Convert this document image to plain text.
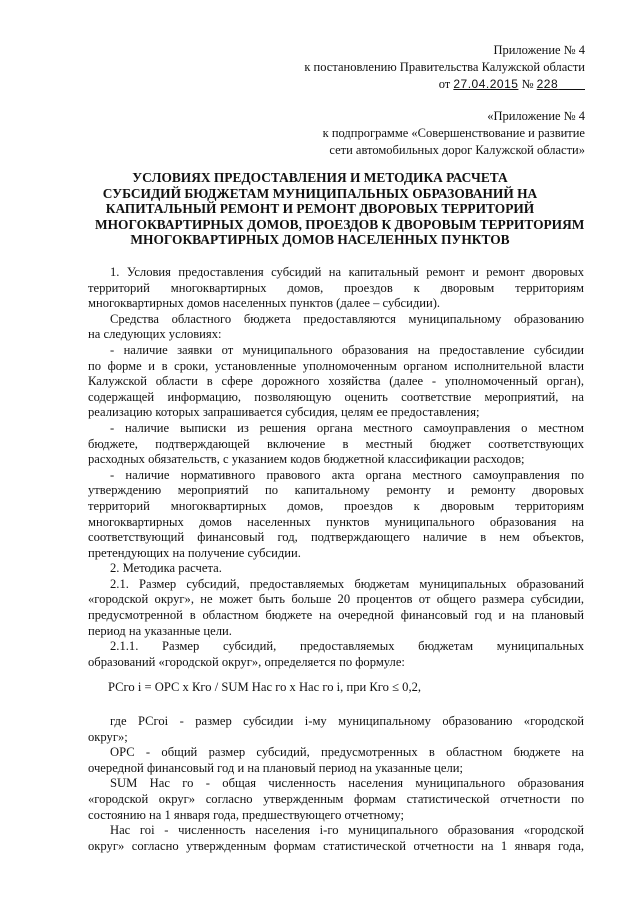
Приложение № 4
к постановлению Правительства Калужской области
от 27.04.2015 № 228
«Приложение № 4
к подпрограмме «Совершенствование и развитие
сети автомобильных дорог Калужской области»
УСЛОВИЯХ ПРЕДОСТАВЛЕНИЯ И МЕТОДИКА РАСЧЕТА
СУБСИДИЙ БЮДЖЕТАМ МУНИЦИПАЛЬНЫХ ОБРАЗОВАНИЙ НА
КАПИТАЛЬНЫЙ РЕМОНТ И РЕМОНТ ДВОРОВЫХ ТЕРРИТОРИЙ
МНОГОКВАРТИРНЫХ ДОМОВ, ПРОЕЗДОВ К ДВОРОВЫМ ТЕРРИТОРИЯМ
МНОГОКВАРТИРНЫХ ДОМОВ НАСЕЛЕННЫХ ПУНКТОВ
1. Условия предоставления субсидий на капитальный ремонт и ремонт дворовых
территорий многоквартирных домов, проездов к дворовым территориям
многоквартирных домов населенных пунктов (далее – субсидии).
Средства областного бюджета предоставляются муниципальному образованию
на следующих условиях:
- наличие заявки от муниципального образования на предоставление субсидии
по форме и в сроки, установленные уполномоченным органом исполнительной власти
Калужской области в сфере дорожного хозяйства (далее - уполномоченный орган),
содержащей информацию, позволяющую оценить соответствие мероприятий, на
реализацию которых запрашивается субсидия, целям ее предоставления;
- наличие выписки из решения органа местного самоуправления о местном
бюджете, подтверждающей включение в местный бюджет соответствующих
расходных обязательств, с указанием кодов бюджетной классификации расходов;
- наличие нормативного правового акта органа местного самоуправления по
утверждению мероприятий по капитальному ремонту и ремонту дворовых
территорий многоквартирных домов, проездов к дворовым территориям
многоквартирных домов населенных пунктов муниципального образования на
соответствующий финансовый год, подтверждающего наличие в нем объектов,
претендующих на получение субсидии.
2. Методика расчета.
2.1. Размер субсидий, предоставляемых бюджетам муниципальных образований
«городской округ», не может быть больше 20 процентов от общего размера субсидии,
предусмотренной в областном бюджете на очередной финансовый год и на плановый
период на указанные цели.
2.1.1. Размер субсидий, предоставляемых бюджетам муниципальных
образований «городской округ», определяется по формуле:
РСго i = ОРС х Кго / SUM Нас го х Нас го i, при Кго ≤ 0,2,
где РСгоi - размер субсидии i-му муниципальному образованию «городской
округ»;
ОРС - общий размер субсидий, предусмотренных в областном бюджете на
очередной финансовый год и на плановый период на указанные цели;
SUM Нас го - общая численность населения муниципального образования
«городской округ» согласно утвержденным формам статистической отчетности по
состоянию на 1 января года, предшествующего отчетному;
Нас гоi - численность населения i-го муниципального образования «городской
округ» согласно утвержденным формам статистической отчетности на 1 января года,
